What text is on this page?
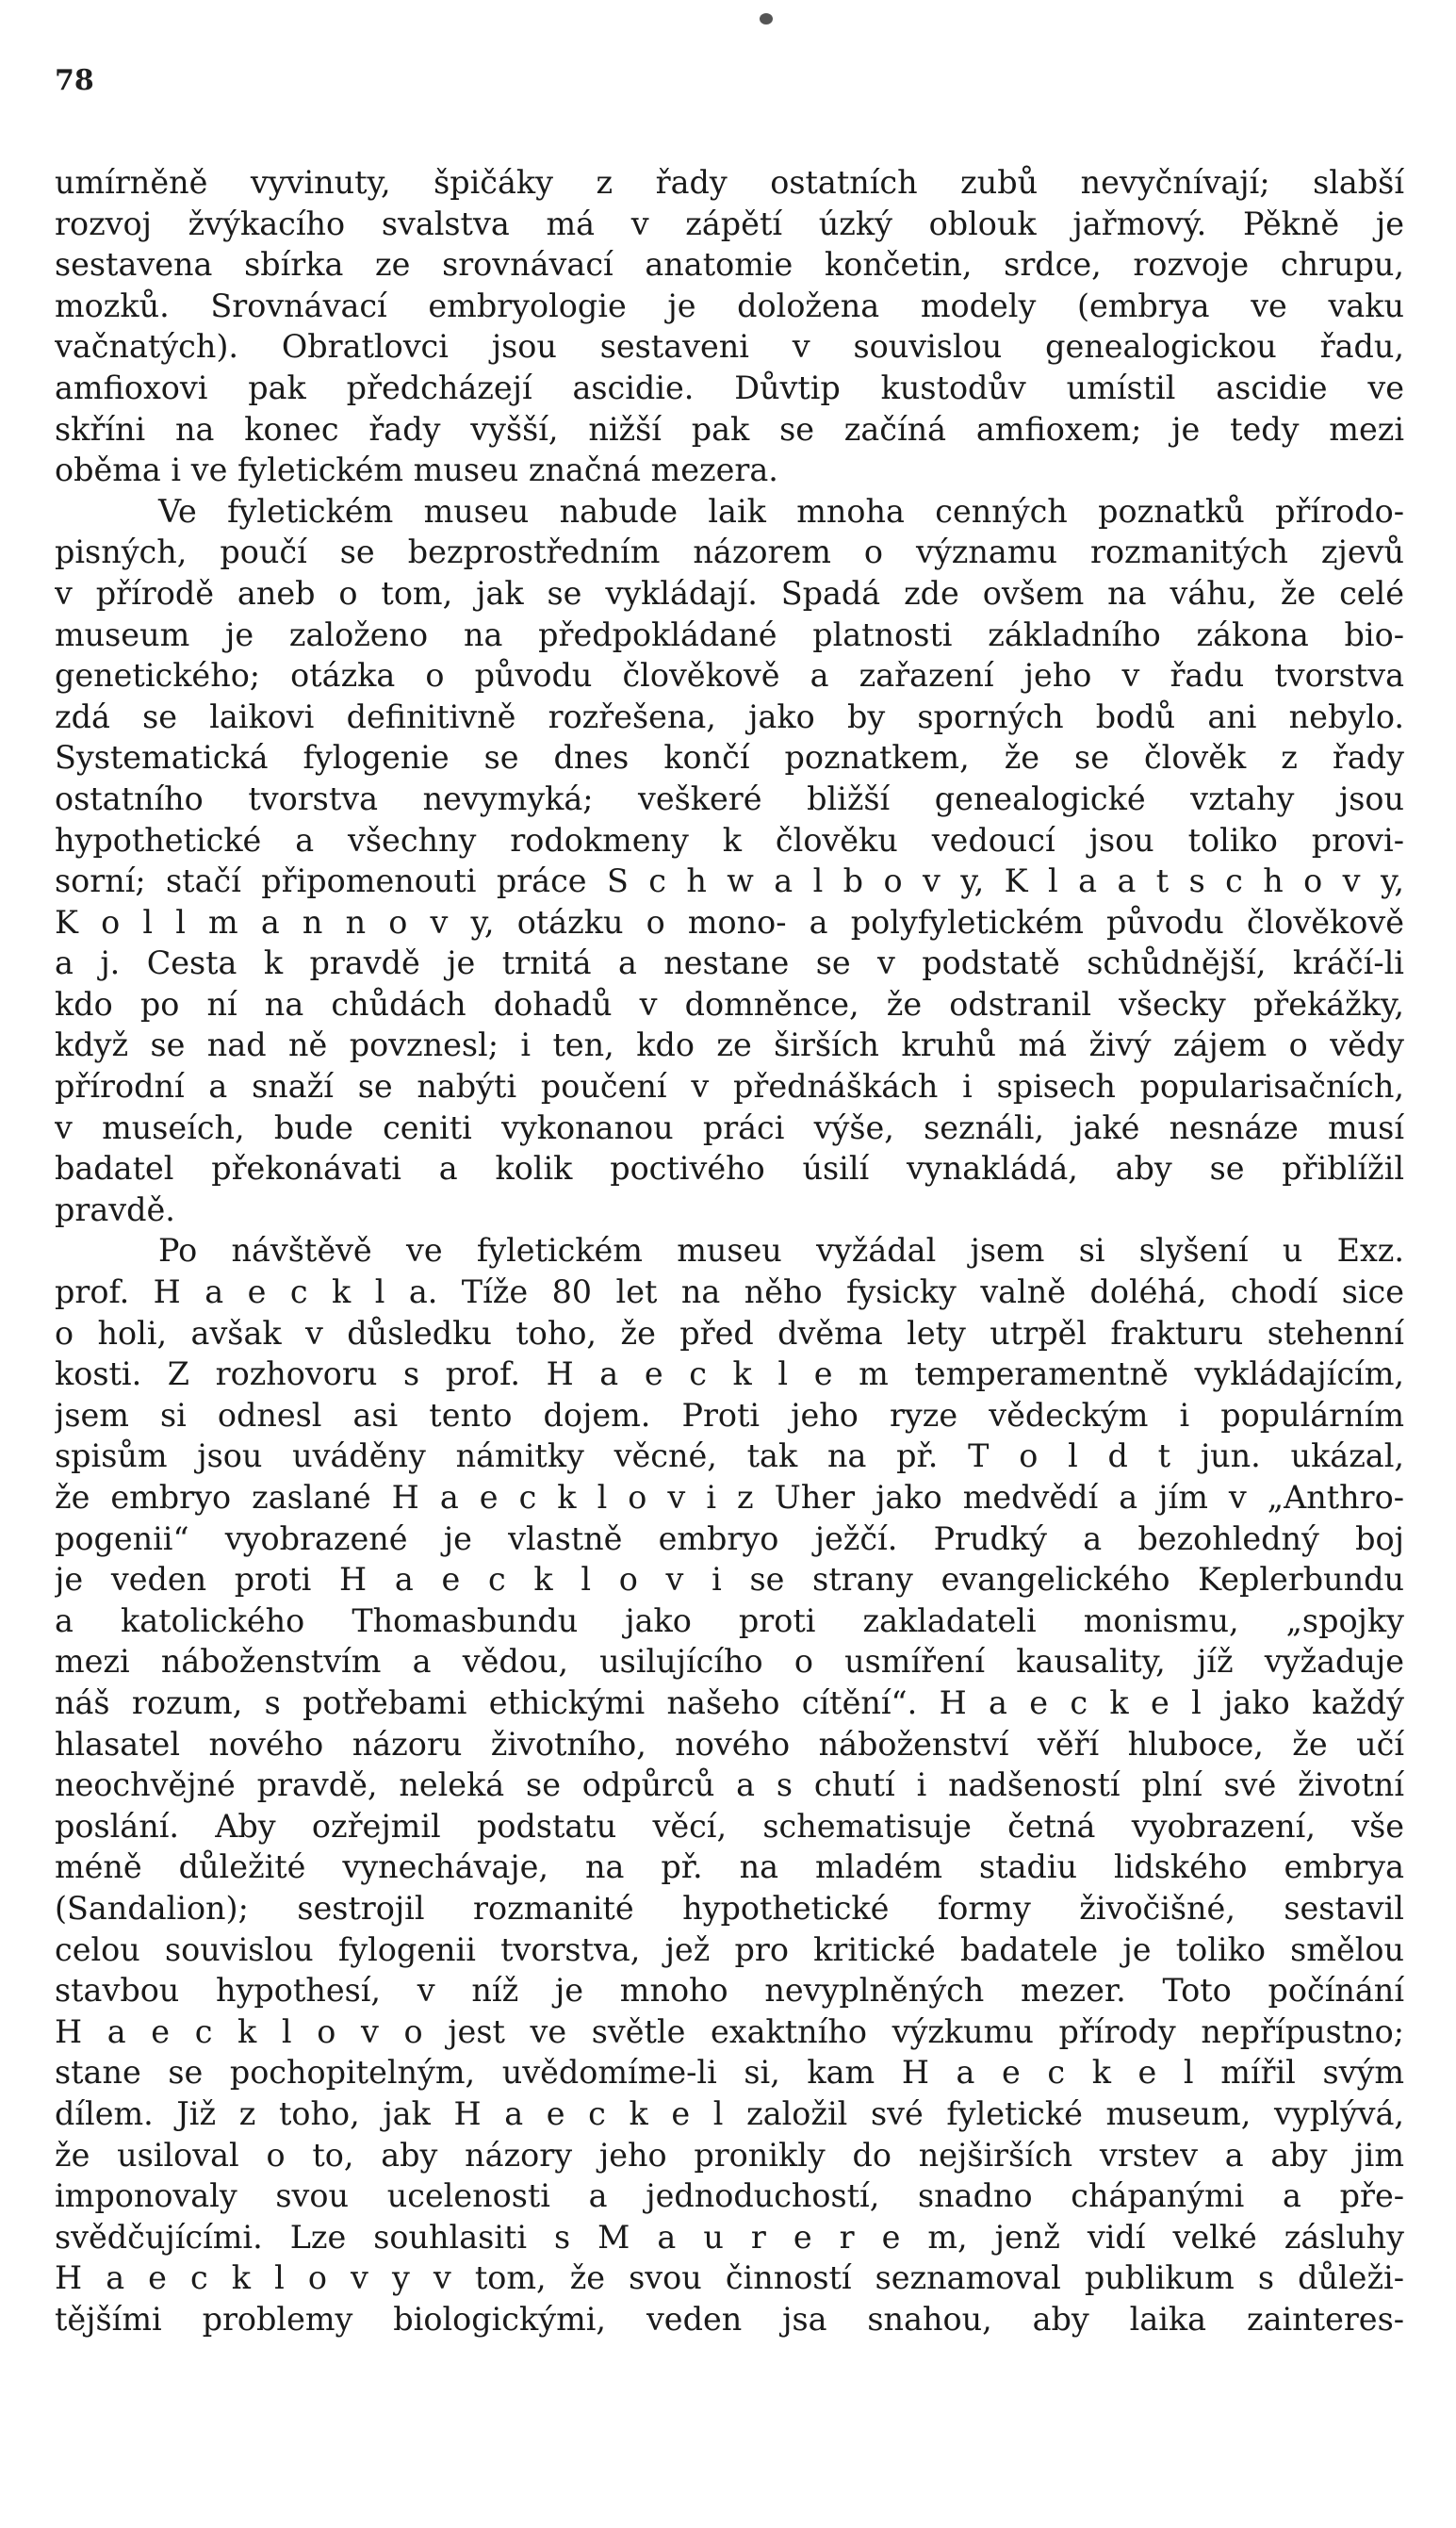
78
umírněně vyvinuty, špičáky z řady ostatních zubů nevyčnívají; slabší
rozvoj žvýkacího svalstva má v zápětí úzký oblouk jařmový. Pěkně je
sestavena sbírka ze srovnávací anatomie končetin, srdce, rozvoje chrupu,
mozků. Srovnávací embryologie je doložena modely (embrya ve vaku
vačnatých). Obratlovci jsou sestaveni v souvislou genealogickou řadu,
amfioxovi pak předcházejí ascidie. Důvtip kustodův umístil ascidie ve
skříni na konec řady vyšší, nižší pak se začíná amfioxem; je tedy mezi
oběma i ve fyletickém museu značná mezera.
Ve fyletickém museu nabude laik mnoha cenných poznatků přírodo-
pisných, poučí se bezprostředním názorem o významu rozmanitých zjevů
v přírodě aneb o tom, jak se vykládají. Spadá zde ovšem na váhu, že celé
museum je založeno na předpokládané platnosti základního zákona bio-
genetického; otázka o původu člověkově a zařazení jeho v řadu tvorstva
zdá se laikovi definitivně rozřešena, jako by sporných bodů ani nebylo.
Systematická fylogenie se dnes končí poznatkem, že se člověk z řady
ostatního tvorstva nevymyká; veškeré bližší genealogické vztahy jsou
hypothetické a všechny rodokmeny k člověku vedoucí jsou toliko provi-
sorní; stačí připomenouti práce S c h w a l b o v y, K l a a t s c h o v y,
K o l l m a n n o v y, otázku o mono- a polyfyletickém původu člověkově
a j. Cesta k pravdě je trnitá a nestane se v podstatě schůdnější, kráčí-li
kdo po ní na chůdách dohadů v domněnce, že odstranil všecky překážky,
když se nad ně povznesl; i ten, kdo ze širších kruhů má živý zájem o vědy
přírodní a snaží se nabýti poučení v přednáškách i spisech popularisačních,
v museích, bude ceniti vykonanou práci výše, seználi, jaké nesnáze musí
badatel překonávati a kolik poctivého úsilí vynakládá, aby se přiblížil
pravdě.
Po návštěvě ve fyletickém museu vyžádal jsem si slyšení u Exz.
prof. H a e c k l a. Tíže 80 let na něho fysicky valně doléhá, chodí sice
o holi, avšak v důsledku toho, že před dvěma lety utrpěl frakturu stehenní
kosti. Z rozhovoru s prof. H a e c k l e m temperamentně vykládajícím,
jsem si odnesl asi tento dojem. Proti jeho ryze vědeckým i populárním
spisům jsou uváděny námitky věcné, tak na př. T o l d t jun. ukázal,
že embryo zaslané H a e c k l o v i z Uher jako medvědí a jím v „Anthro-
pogenii“ vyobrazené je vlastně embryo ježčí. Prudký a bezohledný boj
je veden proti H a e c k l o v i se strany evangelického Keplerbundu
a katolického Thomasbundu jako proti zakladateli monismu, „spojky
mezi náboženstvím a vědou, usilujícího o usmíření kausality, jíž vyžaduje
náš rozum, s potřebami ethickými našeho cítění“. H a e c k e l jako každý
hlasatel nového názoru životního, nového náboženství věří hluboce, že učí
neochvějné pravdě, neleká se odpůrců a s chutí i nadšeností plní své životní
poslání. Aby ozřejmil podstatu věcí, schematisuje četná vyobrazení, vše
méně důležité vynechávaje, na př. na mladém stadiu lidského embrya
(Sandalion); sestrojil rozmanité hypothetické formy živočišné, sestavil
celou souvislou fylogenii tvorstva, jež pro kritické badatele je toliko smělou
stavbou hypothesí, v níž je mnoho nevyplněných mezer. Toto počínání
H a e c k l o v o jest ve světle exaktního výzkumu přírody nepřípustno;
stane se pochopitelným, uvědomíme-li si, kam H a e c k e l mířil svým
dílem. Již z toho, jak H a e c k e l založil své fyletické museum, vyplývá,
že usiloval o to, aby názory jeho pronikly do nejširších vrstev a aby jim
imponovaly svou ucelenosti a jednoduchostí, snadno chápanými a pře-
svědčujícími. Lze souhlasiti s M a u r e r e m, jenž vidí velké zásluhy
H a e c k l o v y v tom, že svou činností seznamoval publikum s důleži-
tějšími problemy biologickými, veden jsa snahou, aby laika zainteres-
